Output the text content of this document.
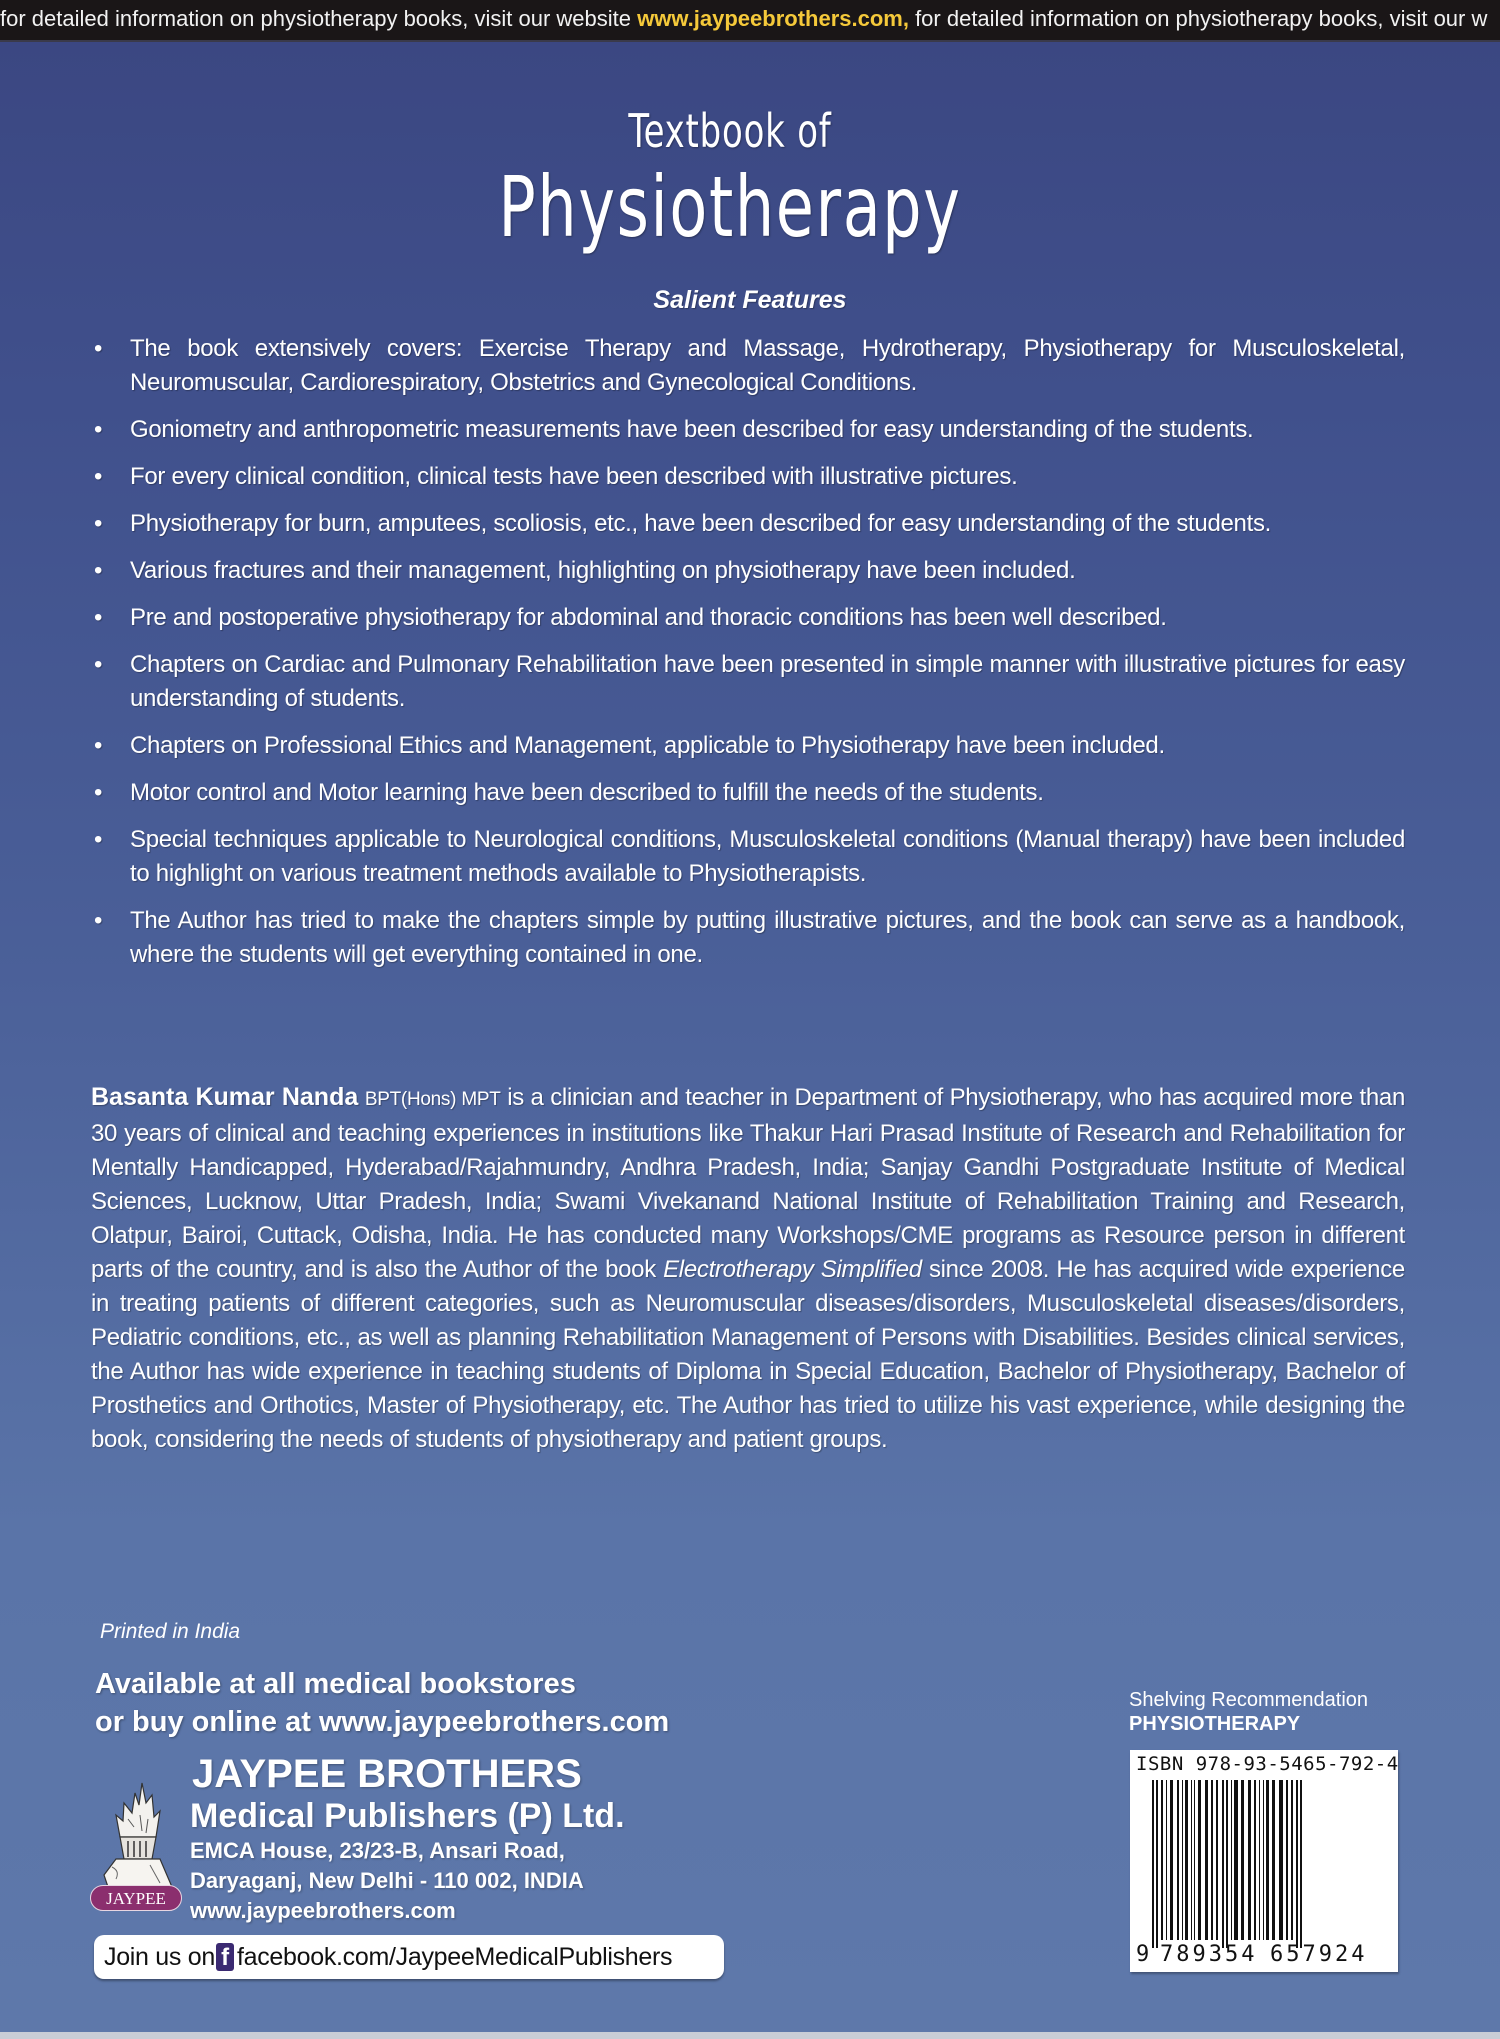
for detailed information on physiotherapy books, visit our website www.jaypeebrothers.com, for detailed information on physiotherapy books, visit our w
Textbook of
Physiotherapy
Salient Features
• The book extensively covers: Exercise Therapy and Massage, Hydrotherapy, Physiotherapy for Musculoskeletal, Neuromuscular, Cardiorespiratory, Obstetrics and Gynecological Conditions.
• Goniometry and anthropometric measurements have been described for easy understanding of the students.
• For every clinical condition, clinical tests have been described with illustrative pictures.
• Physiotherapy for burn, amputees, scoliosis, etc., have been described for easy understanding of the students.
• Various fractures and their management, highlighting on physiotherapy have been included.
• Pre and postoperative physiotherapy for abdominal and thoracic conditions has been well described.
• Chapters on Cardiac and Pulmonary Rehabilitation have been presented in simple manner with illustrative pictures for easy understanding of students.
• Chapters on Professional Ethics and Management, applicable to Physiotherapy have been included.
• Motor control and Motor learning have been described to fulfill the needs of the students.
• Special techniques applicable to Neurological conditions, Musculoskeletal conditions (Manual therapy) have been included to highlight on various treatment methods available to Physiotherapists.
• The Author has tried to make the chapters simple by putting illustrative pictures, and the book can serve as a handbook, where the students will get everything contained in one.
Basanta Kumar Nanda BPT(Hons) MPT is a clinician and teacher in Department of Physiotherapy, who has acquired more than 30 years of clinical and teaching experiences in institutions like Thakur Hari Prasad Institute of Research and Rehabilitation for Mentally Handicapped, Hyderabad/Rajahmundry, Andhra Pradesh, India; Sanjay Gandhi Postgraduate Institute of Medical Sciences, Lucknow, Uttar Pradesh, India; Swami Vivekanand National Institute of Rehabilitation Training and Research, Olatpur, Bairoi, Cuttack, Odisha, India. He has conducted many Workshops/CME programs as Resource person in different parts of the country, and is also the Author of the book Electrotherapy Simplified since 2008. He has acquired wide experience in treating patients of different categories, such as Neuromuscular diseases/disorders, Musculoskeletal diseases/disorders, Pediatric conditions, etc., as well as planning Rehabilitation Management of Persons with Disabilities. Besides clinical services, the Author has wide experience in teaching students of Diploma in Special Education, Bachelor of Physiotherapy, Bachelor of Prosthetics and Orthotics, Master of Physiotherapy, etc. The Author has tried to utilize his vast experience, while designing the book, considering the needs of students of physiotherapy and patient groups.
Printed in India
Available at all medical bookstores
or buy online at www.jaypeebrothers.com
JAYPEE
JAYPEE BROTHERS
Medical Publishers (P) Ltd.
EMCA House, 23/23-B, Ansari Road,
Daryaganj, New Delhi - 110 002, INDIA
www.jaypeebrothers.com
Join us on f facebook.com/JaypeeMedicalPublishers
Shelving Recommendation
PHYSIOTHERAPY
ISBN 978-93-5465-792-4
9 789354 657924
